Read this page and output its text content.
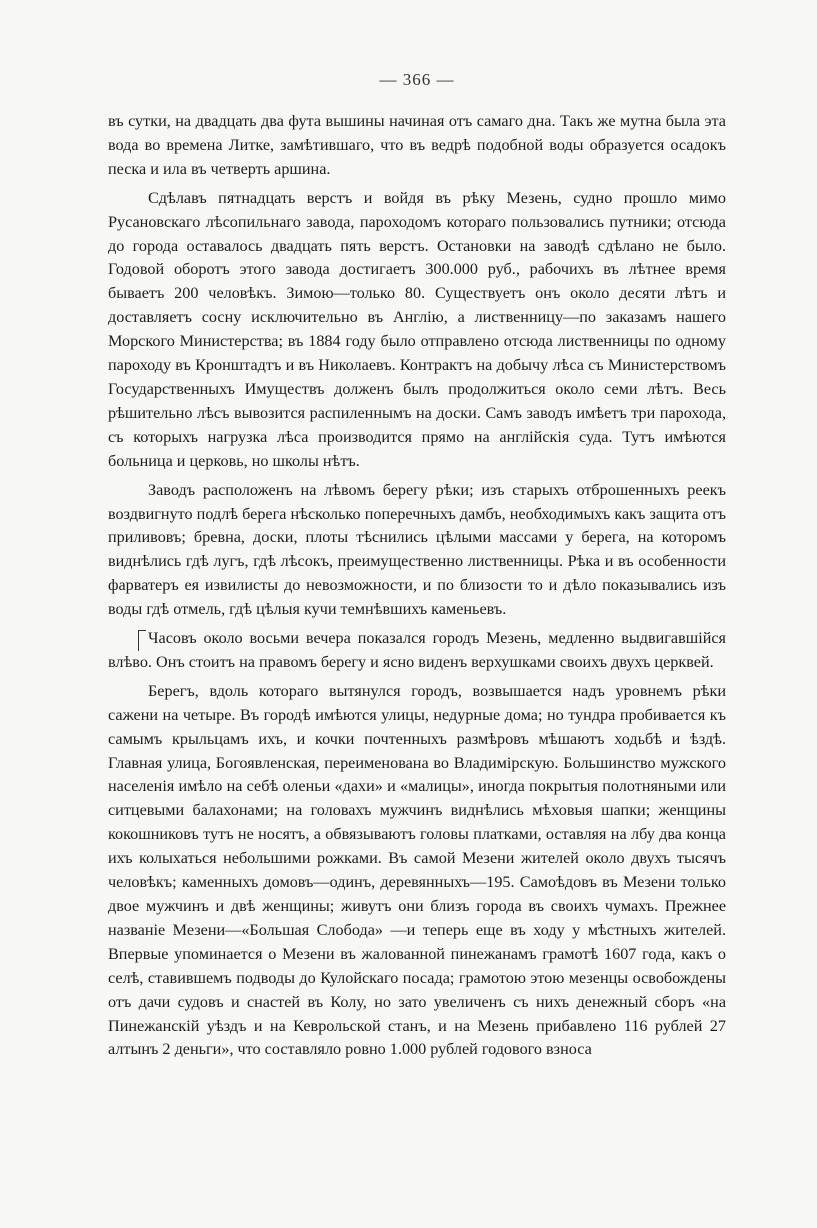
— 366 —

въ сутки, на двадцать два фута вышины начиная отъ самаго дна. Такъ же мутна была эта вода во времена Литке, замѣтившаго, что въ ведрѣ подобной воды образуется осадокъ песка и ила въ четверть аршина.

Сдѣлавъ пятнадцать верстъ и войдя въ рѣку Мезень, судно прошло мимо Русановскаго лѣсопильнаго завода, пароходомъ котораго пользовались путники; отсюда до города оставалось двадцать пять верстъ. Остановки на заводѣ сдѣлано не было. Годовой оборотъ этого завода достигаетъ 300.000 руб., рабочихъ въ лѣтнее время бываетъ 200 человѣкъ. Зимою—только 80. Существуетъ онъ около десяти лѣтъ и доставляетъ сосну исключительно въ Англію, а лиственницу—по заказамъ нашего Морского Министерства; въ 1884 году было отправлено отсюда лиственницы по одному пароходу въ Кронштадтъ и въ Николаевъ. Контрактъ на добычу лѣса съ Министерствомъ Государственныхъ Имуществъ долженъ былъ продолжиться около семи лѣтъ. Весь рѣшительно лѣсъ вывозится распиленнымъ на доски. Самъ заводъ имѣетъ три парохода, съ которыхъ нагрузка лѣса производится прямо на англійскія суда. Тутъ имѣются больница и церковь, но школы нѣтъ.

Заводъ расположенъ на лѣвомъ берегу рѣки; изъ старыхъ отброшенныхъ реекъ воздвигнуто подлѣ берега нѣсколько поперечныхъ дамбъ, необходимыхъ какъ защита отъ приливовъ; бревна, доски, плоты тѣснились цѣлыми массами у берега, на которомъ виднѣлись гдѣ лугъ, гдѣ лѣсокъ, преимущественно лиственницы. Рѣка и въ особенности фарватеръ ея извилисты до невозможности, и по близости то и дѣло показывались изъ воды гдѣ отмель, гдѣ цѣлыя кучи темнѣвшихъ каменьевъ.

Часовъ около восьми вечера показался городъ Мезень, медленно выдвигавшійся влѣво. Онъ стоитъ на правомъ берегу и ясно виденъ верхушками своихъ двухъ церквей.

Берегъ, вдоль котораго вытянулся городъ, возвышается надъ уровнемъ рѣки сажени на четыре. Въ городѣ имѣются улицы, недурные дома; но тундра пробивается къ самымъ крыльцамъ ихъ, и кочки почтенныхъ размѣровъ мѣшаютъ ходьбѣ и ѣздѣ. Главная улица, Богоявленская, переименована во Владимірскую. Большинство мужского населенія имѣло на себѣ оленьи «дахи» и «малицы», иногда покрытыя полотняными или ситцевыми балахонами; на головахъ мужчинъ виднѣлись мѣховыя шапки; женщины кокошниковъ тутъ не носятъ, а обвязываютъ головы платками, оставляя на лбу два конца ихъ колыхаться небольшими рожками. Въ самой Мезени жителей около двухъ тысячъ человѣкъ; каменныхъ домовъ—одинъ, деревянныхъ—195. Самоѣдовъ въ Мезени только двое мужчинъ и двѣ женщины; живутъ они близъ города въ своихъ чумахъ. Прежнее названіе Мезени—«Большая Слобода» —и теперь еще въ ходу у мѣстныхъ жителей. Впервые упоминается о Мезени въ жалованной пинежанамъ грамотѣ 1607 года, какъ о селѣ, ставившемъ подводы до Кулойскаго посада; грамотою этою мезенцы освобождены отъ дачи судовъ и снастей въ Колу, но зато увеличенъ съ нихъ денежный сборъ «на Пинежанскій уѣздъ и на Кеврольской станъ, и на Мезень прибавлено 116 рублей 27 алтынъ 2 деньги», что составляло ровно 1.000 рублей годового взноса
